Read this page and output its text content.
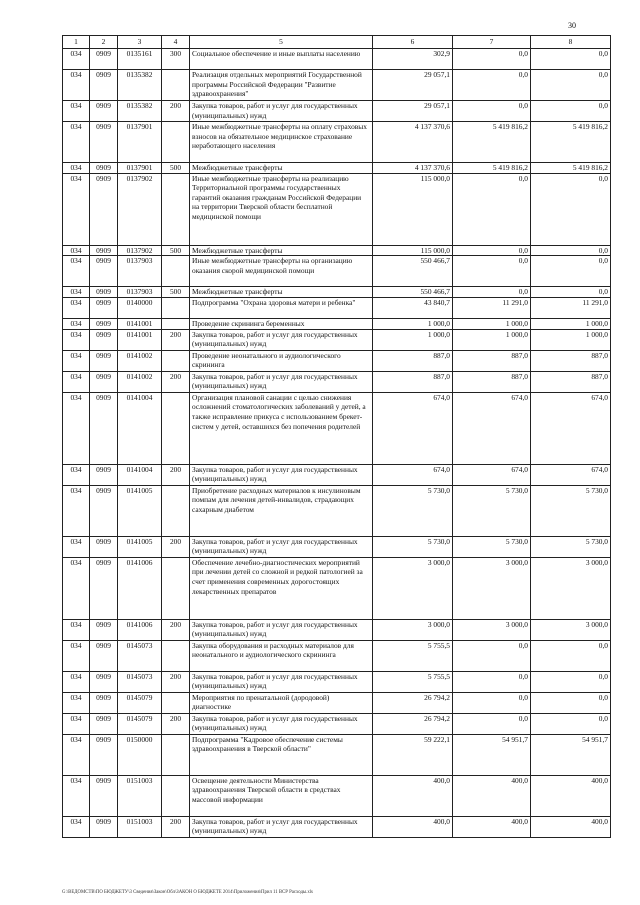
30
1	2	3	4	5	6	7	8
034	0909	0135161	300	Социальное обеспечение и иные выплаты населению	302,9	0,0	0,0
034	0909	0135382		Реализация отдельных мероприятий Государственной программы Российской Федерации "Развитие здравоохранения"	29 057,1	0,0	0,0
034	0909	0135382	200	Закупка товаров, работ и услуг для государственных (муниципальных) нужд	29 057,1	0,0	0,0
034	0909	0137901		Иные межбюджетные трансферты на оплату страховых взносов на обязательное медицинское страхование неработающего населения	4 137 370,6	5 419 816,2	5 419 816,2
034	0909	0137901	500	Межбюджетные трансферты	4 137 370,6	5 419 816,2	5 419 816,2
034	0909	0137902		Иные межбюджетные трансферты на реализацию Территориальной программы государственных гарантий оказания гражданам Российской Федерации на территории Тверской области бесплатной медицинской помощи	115 000,0	0,0	0,0
034	0909	0137902	500	Межбюджетные трансферты	115 000,0	0,0	0,0
034	0909	0137903		Иные межбюджетные трансферты на организацию оказания скорой медицинской помощи	550 466,7	0,0	0,0
034	0909	0137903	500	Межбюджетные трансферты	550 466,7	0,0	0,0
034	0909	0140000		Подпрограмма "Охрана здоровья матери и ребенка"	43 840,7	11 291,0	11 291,0
034	0909	0141001		Проведение скрининга беременных	1 000,0	1 000,0	1 000,0
034	0909	0141001	200	Закупка товаров, работ и услуг для государственных (муниципальных) нужд	1 000,0	1 000,0	1 000,0
034	0909	0141002		Проведение неонатального и аудиологического скрининга	887,0	887,0	887,0
034	0909	0141002	200	Закупка товаров, работ и услуг для государственных (муниципальных) нужд	887,0	887,0	887,0
034	0909	0141004		Организация плановой санации с целью снижения осложнений стоматологических заболеваний у детей, а также исправление прикуса с использованием брекет-систем у детей, оставшихся без попечения родителей	674,0	674,0	674,0
034	0909	0141004	200	Закупка товаров, работ и услуг для государственных (муниципальных) нужд	674,0	674,0	674,0
034	0909	0141005		Приобретение расходных материалов к инсулиновым помпам для лечения детей-инвалидов, страдающих сахарным диабетом	5 730,0	5 730,0	5 730,0
034	0909	0141005	200	Закупка товаров, работ и услуг для государственных (муниципальных) нужд	5 730,0	5 730,0	5 730,0
034	0909	0141006		Обеспечение лечебно-диагностических мероприятий при лечении детей со сложной и редкой патологией за счет применения современных дорогостоящих лекарственных препаратов	3 000,0	3 000,0	3 000,0
034	0909	0141006	200	Закупка товаров, работ и услуг для государственных (муниципальных) нужд	3 000,0	3 000,0	3 000,0
034	0909	0145073		Закупка оборудования и расходных материалов для неонатального и аудиологического скрининга	5 755,5	0,0	0,0
034	0909	0145073	200	Закупка товаров, работ и услуг для государственных (муниципальных) нужд	5 755,5	0,0	0,0
034	0909	0145079		Мероприятия по пренатальной (дородовой) диагностике	26 794,2	0,0	0,0
034	0909	0145079	200	Закупка товаров, работ и услуг для государственных (муниципальных) нужд	26 794,2	0,0	0,0
034	0909	0150000		Подпрограмма "Кадровое обеспечение системы здравоохранения в Тверской области"	59 222,1	54 951,7	54 951,7
034	0909	0151003		Освещение деятельности Министерства здравоохранения Тверской области в средствах массовой информации	400,0	400,0	400,0
034	0909	0151003	200	Закупка товаров, работ и услуг для государственных (муниципальных) нужд	400,0	400,0	400,0
G:\ВЕДОМСТВ\ПО БЮДЖЕТУ\3 Сведения\Закон\Обл\ЗАКОН О БЮДЖЕТЕ 2014\Приложения\Прил 11 ВСР Расходы.xls
